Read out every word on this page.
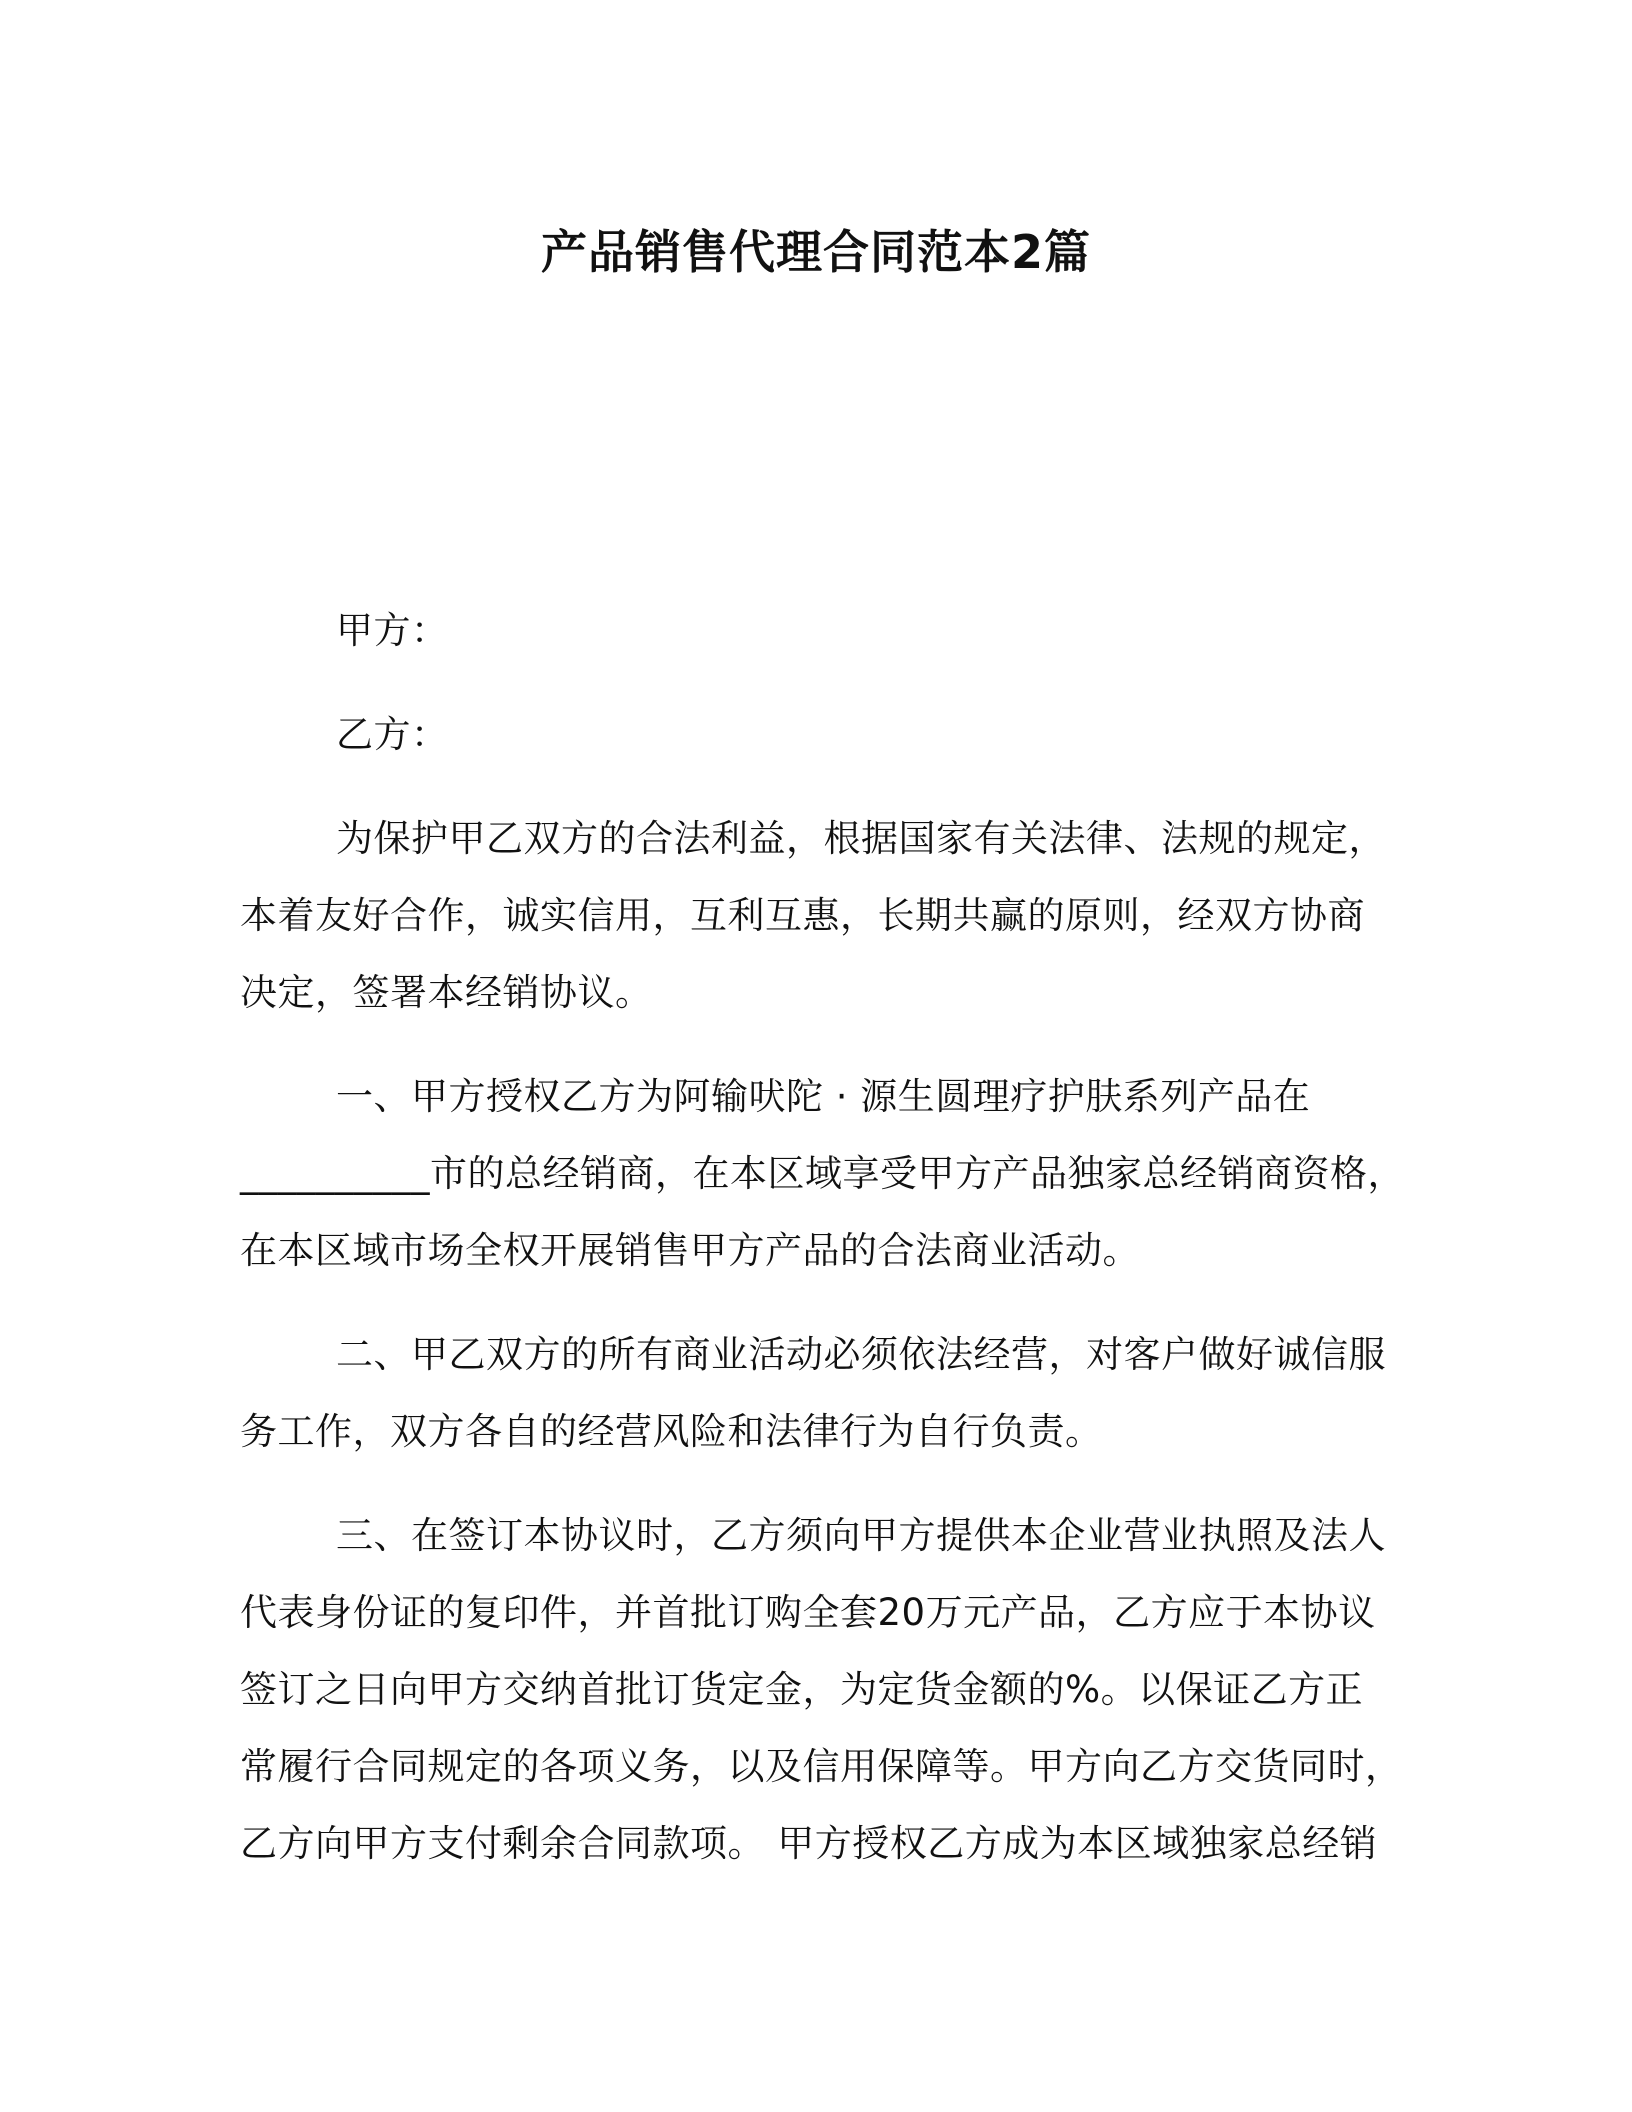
产品销售代理合同范本2篇
甲方：
乙方：
为保护甲乙双方的合法利益，根据国家有关法律、法规的规定，
本着友好合作，诚实信用，互利互惠，长期共赢的原则，经双方协商
决定，签署本经销协议。
一、甲方授权乙方为阿输吠陀 · 源生圆理疗护肤系列产品在
__________市的总经销商，在本区域享受甲方产品独家总经销商资格，
在本区域市场全权开展销售甲方产品的合法商业活动。
二、甲乙双方的所有商业活动必须依法经营，对客户做好诚信服
务工作，双方各自的经营风险和法律行为自行负责。
三、在签订本协议时，乙方须向甲方提供本企业营业执照及法人
代表身份证的复印件，并首批订购全套20万元产品，乙方应于本协议
签订之日向甲方交纳首批订货定金，为定货金额的%。以保证乙方正
常履行合同规定的各项义务，以及信用保障等。甲方向乙方交货同时，
乙方向甲方支付剩余合同款项。 甲方授权乙方成为本区域独家总经销
